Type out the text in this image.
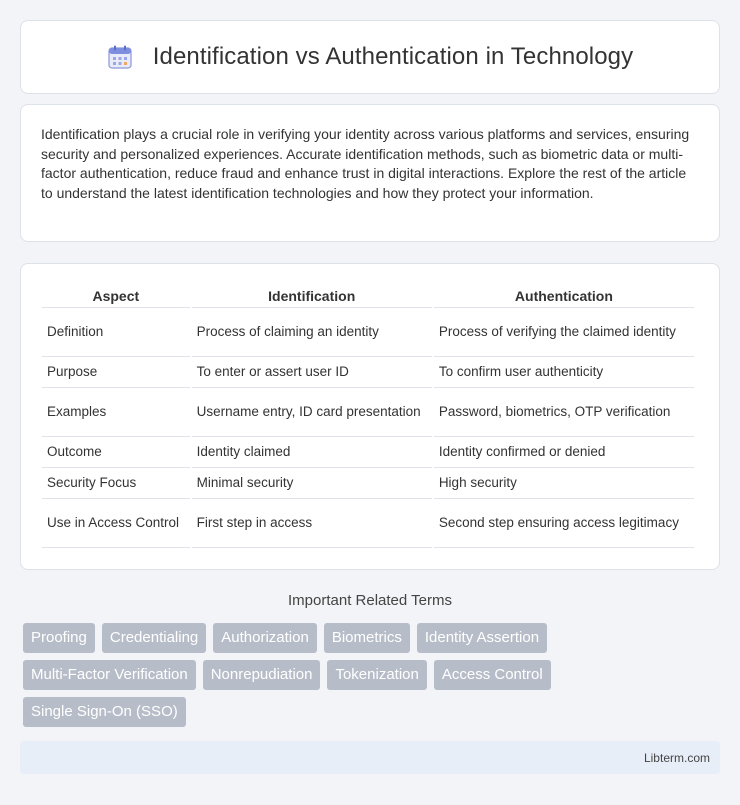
Identification vs Authentication in Technology

Identification plays a crucial role in verifying your identity across various platforms and services, ensuring security and personalized experiences. Accurate identification methods, such as biometric data or multi-factor authentication, reduce fraud and enhance trust in digital interactions. Explore the rest of the article to understand the latest identification technologies and how they protect your information.

Aspect	Identification	Authentication
Definition	Process of claiming an identity	Process of verifying the claimed identity
Purpose	To enter or assert user ID	To confirm user authenticity
Examples	Username entry, ID card presentation	Password, biometrics, OTP verification
Outcome	Identity claimed	Identity confirmed or denied
Security Focus	Minimal security	High security
Use in Access Control	First step in access	Second step ensuring access legitimacy
Important Related Terms
Proofing	Credentialing	Authorization	Biometrics	Identity Assertion
Multi-Factor Verification	Nonrepudiation	Tokenization	Access Control
Single Sign-On (SSO)
Libterm.com
